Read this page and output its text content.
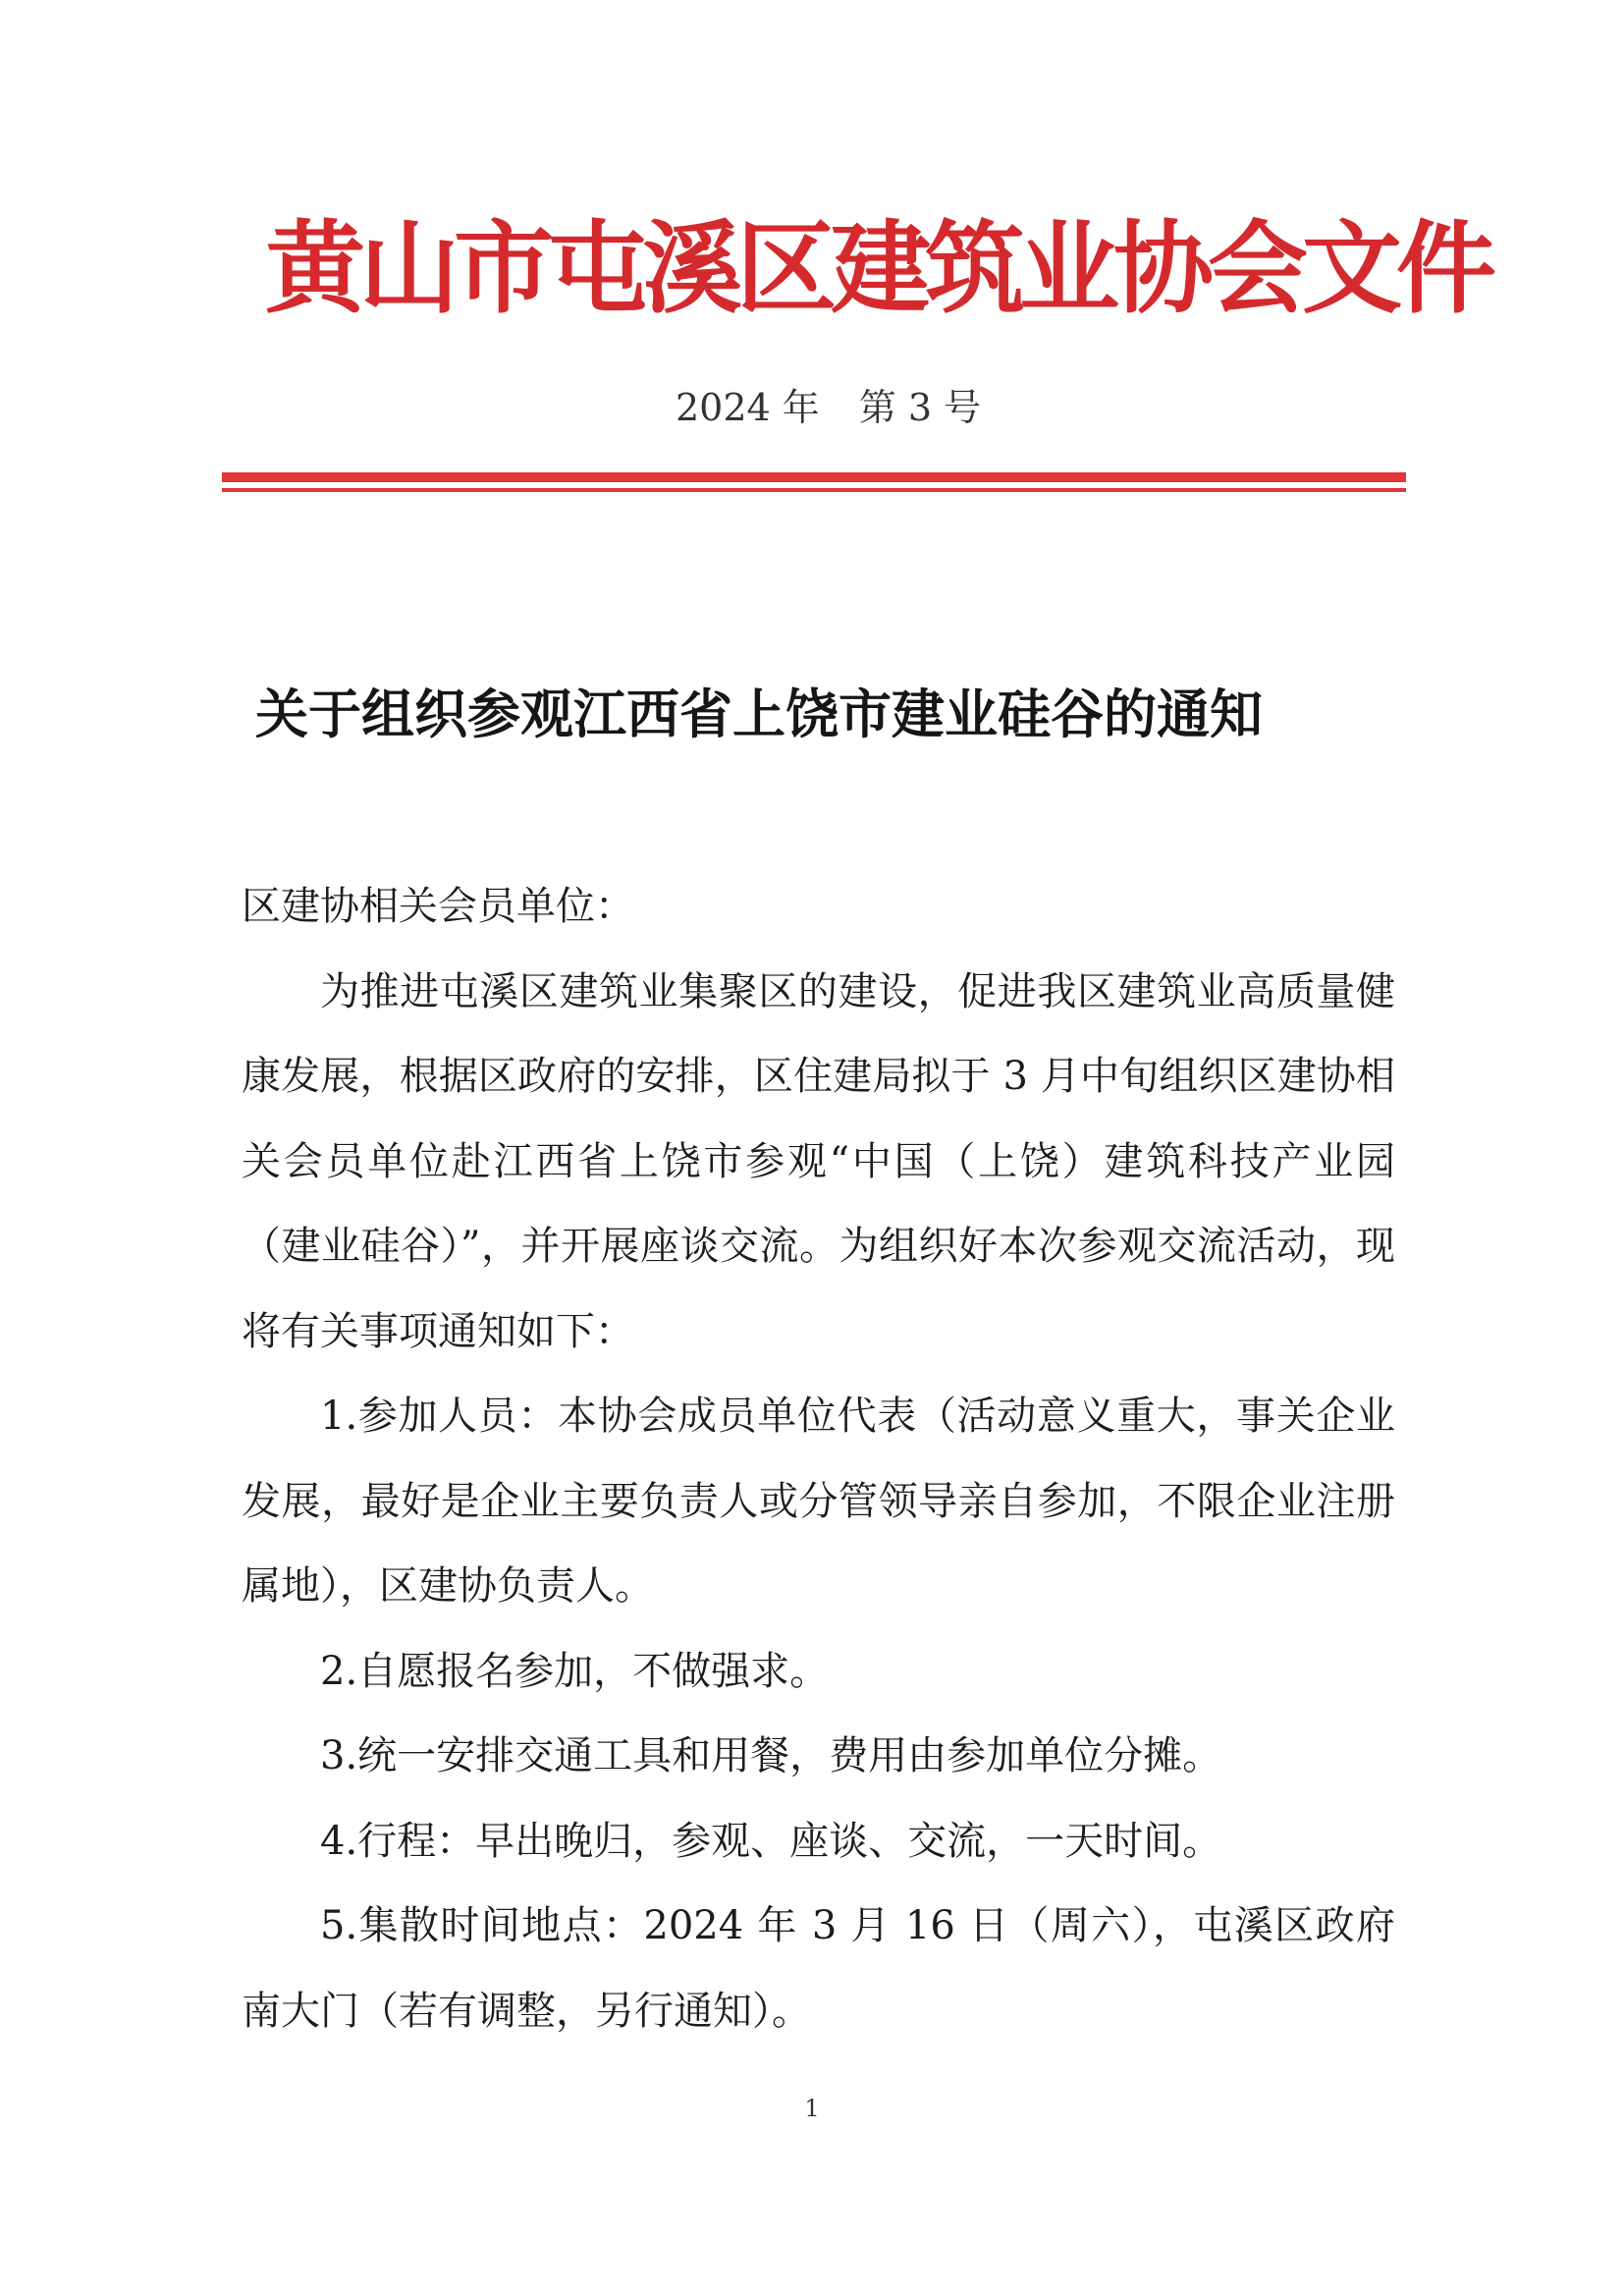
黄山市屯溪区建筑业协会文件
2024 年 第 3 号
关于组织参观江西省上饶市建业硅谷的通知

区建协相关会员单位：

为推进屯溪区建筑业集聚区的建设，促进我区建筑业高质量健康发展，根据区政府的安排，区住建局拟于 3 月中旬组织区建协相关会员单位赴江西省上饶市参观“中国（上饶）建筑科技产业园（建业硅谷）”，并开展座谈交流。为组织好本次参观交流活动，现将有关事项通知如下：

1.参加人员：本协会成员单位代表（活动意义重大，事关企业发展，最好是企业主要负责人或分管领导亲自参加，不限企业注册属地），区建协负责人。

2.自愿报名参加，不做强求。

3.统一安排交通工具和用餐，费用由参加单位分摊。

4.行程：早出晚归，参观、座谈、交流，一天时间。

5.集散时间地点：2024 年 3 月 16 日（周六），屯溪区政府南大门（若有调整，另行通知）。

1
